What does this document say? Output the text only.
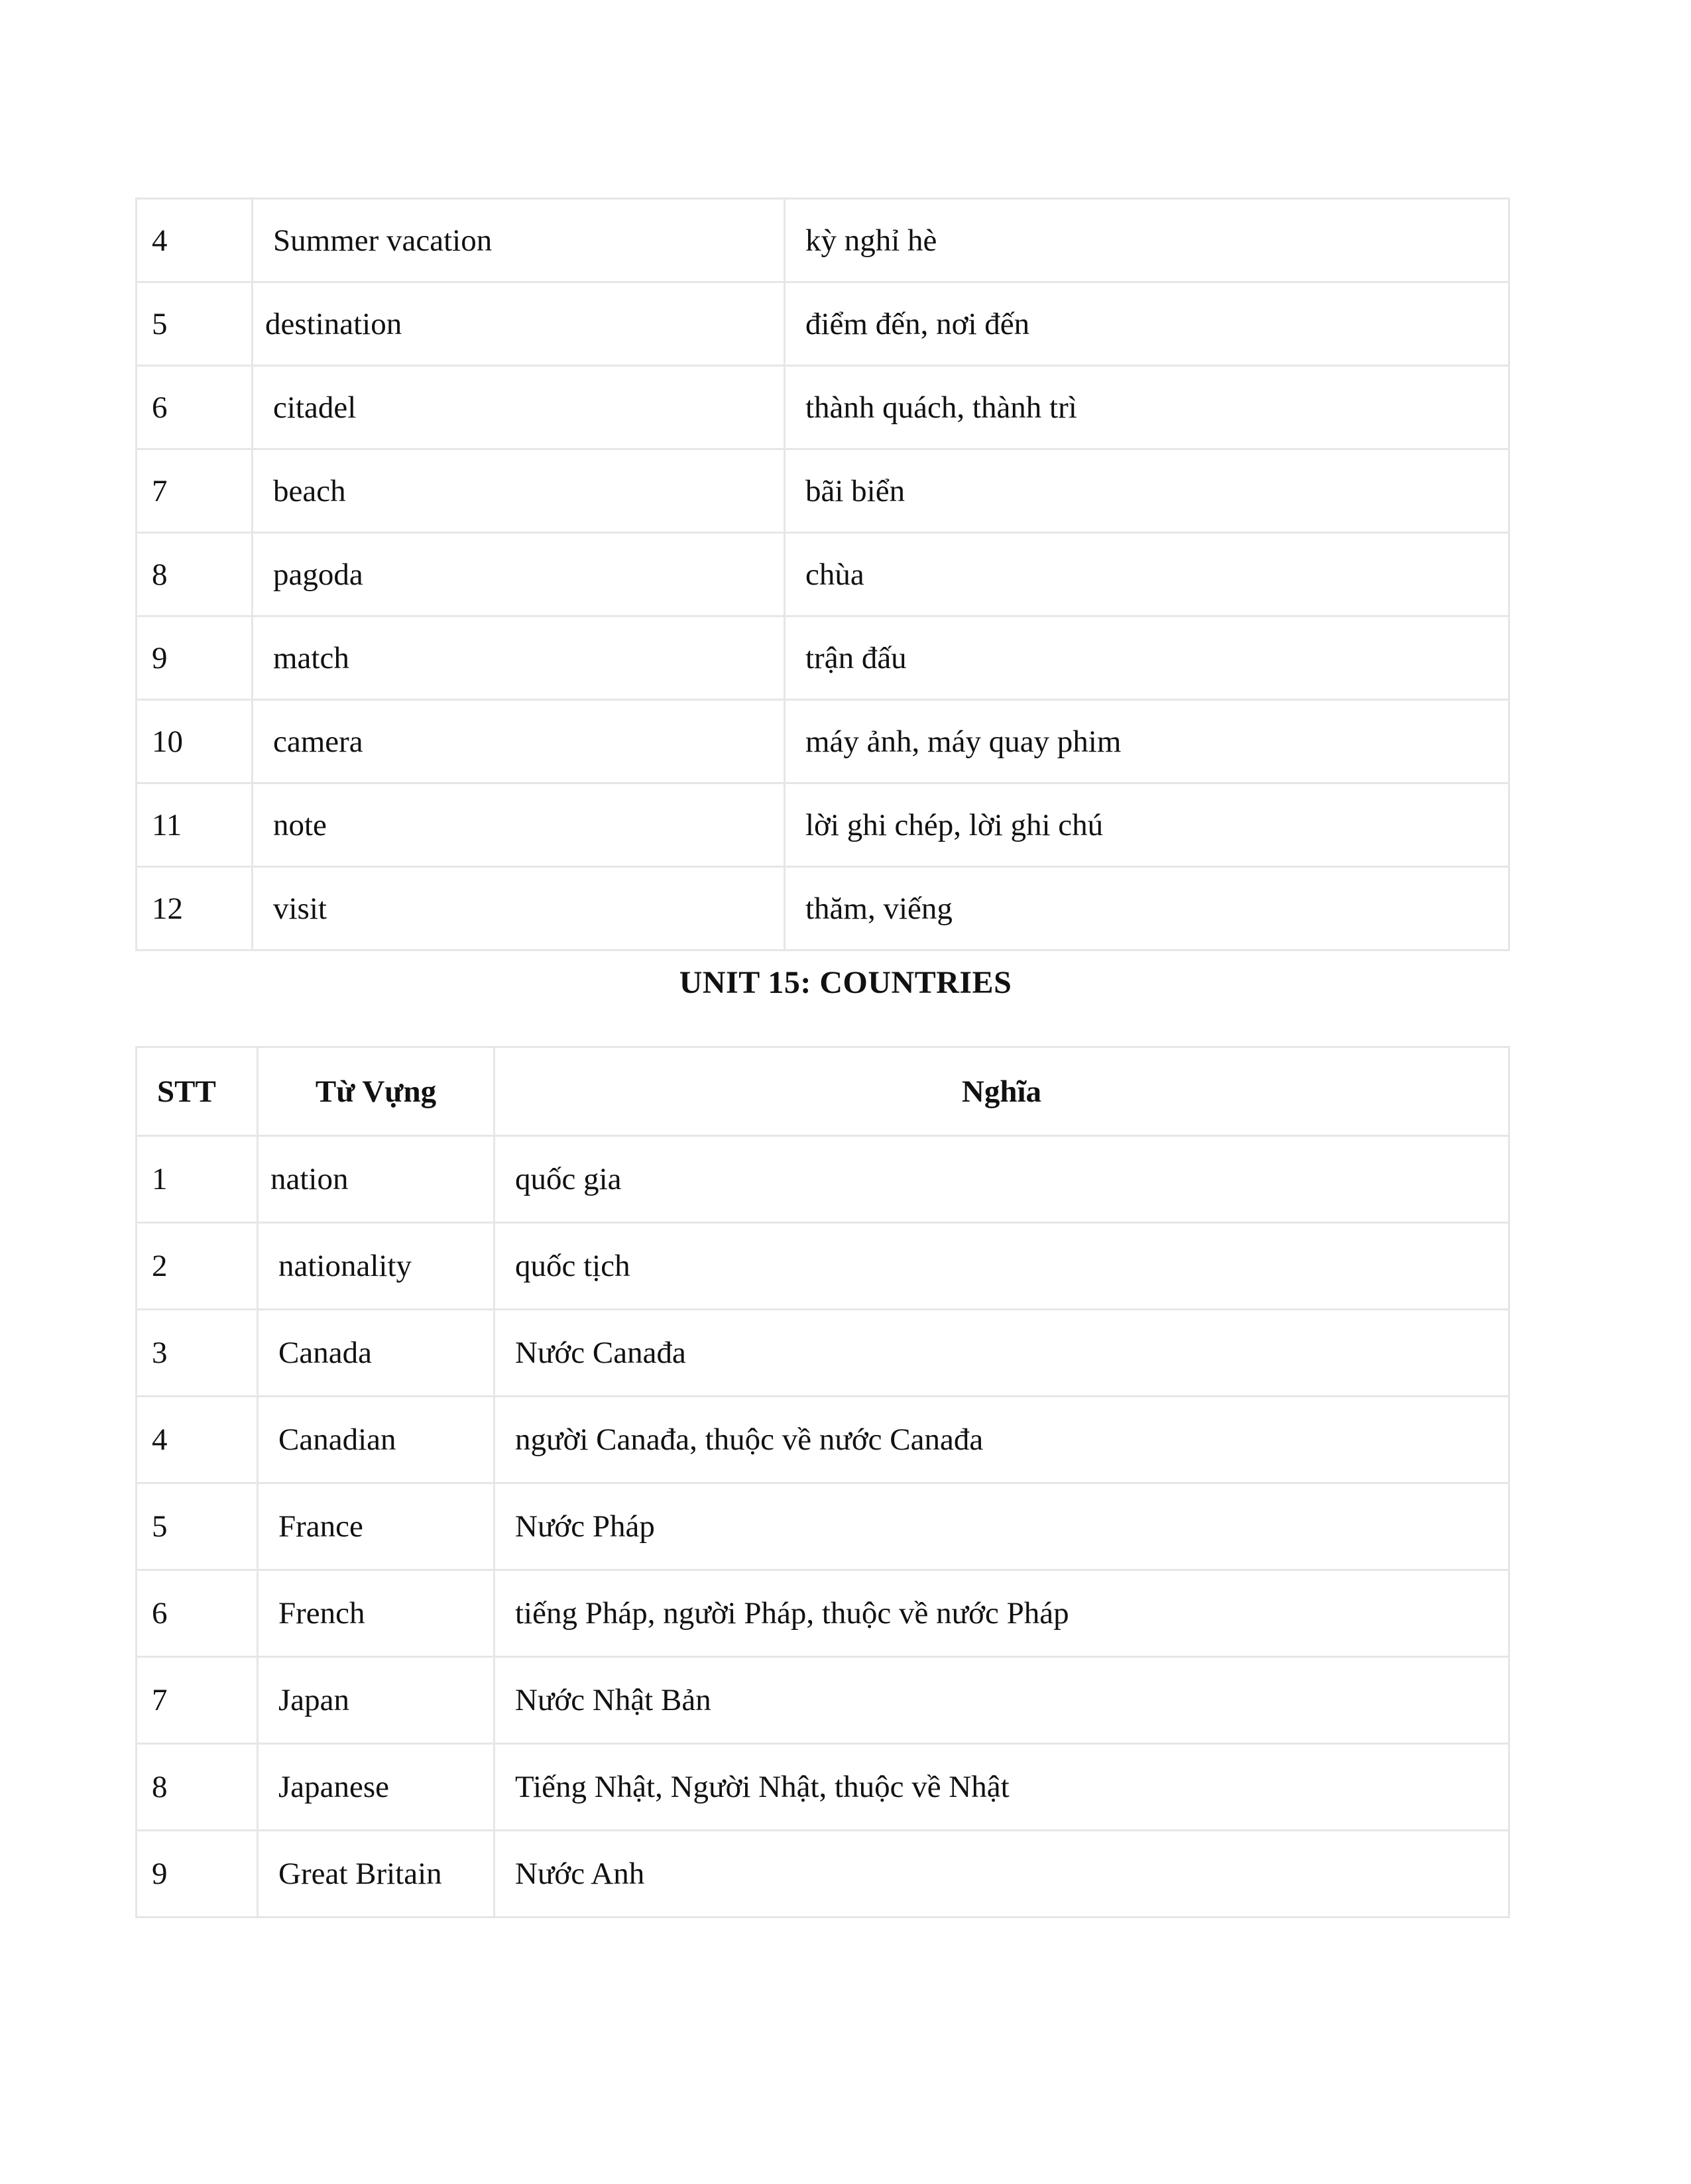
4	Summer vacation	kỳ nghỉ hè
5	destination	điểm đến, nơi đến
6	citadel	thành quách, thành trì
7	beach	bãi biển
8	pagoda	chùa
9	match	trận đấu
10	camera	máy ảnh, máy quay phim
11	note	lời ghi chép, lời ghi chú
12	visit	thăm, viếng
UNIT 15: COUNTRIES
STT	Từ Vựng	Nghĩa
1	nation	quốc gia
2	nationality	quốc tịch
3	Canada	Nước Canađa
4	Canadian	người Canađa, thuộc về nước Canađa
5	France	Nước Pháp
6	French	tiếng Pháp, người Pháp, thuộc về nước Pháp
7	Japan	Nước Nhật Bản
8	Japanese	Tiếng Nhật, Người Nhật, thuộc về Nhật
9	Great Britain	Nước Anh
